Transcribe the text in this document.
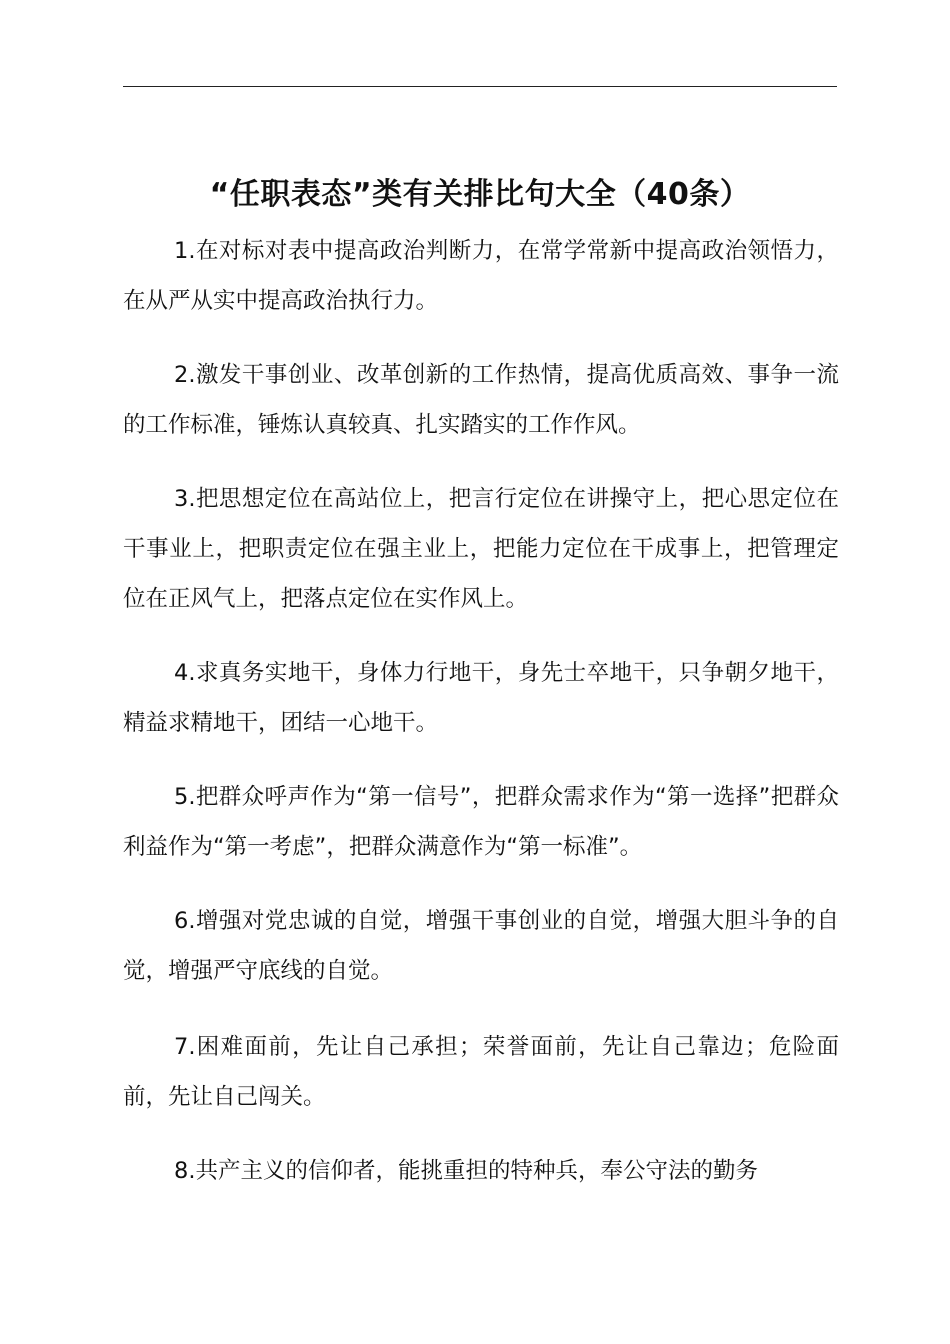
“任职表态”类有关排比句大全（40条）

1.在对标对表中提高政治判断力，在常学常新中提高政治领悟力，在从严从实中提高政治执行力。

2.激发干事创业、改革创新的工作热情，提高优质高效、事争一流的工作标准，锤炼认真较真、扎实踏实的工作作风。

3.把思想定位在高站位上，把言行定位在讲操守上，把心思定位在干事业上，把职责定位在强主业上，把能力定位在干成事上，把管理定位在正风气上，把落点定位在实作风上。

4.求真务实地干，身体力行地干，身先士卒地干，只争朝夕地干，精益求精地干，团结一心地干。

5.把群众呼声作为“第一信号”，把群众需求作为“第一选择”把群众利益作为“第一考虑”，把群众满意作为“第一标准”。

6.增强对党忠诚的自觉，增强干事创业的自觉，增强大胆斗争的自觉，增强严守底线的自觉。

7.困难面前，先让自己承担；荣誉面前，先让自己靠边；危险面前，先让自己闯关。

8.共产主义的信仰者，能挑重担的特种兵，奉公守法的勤务
